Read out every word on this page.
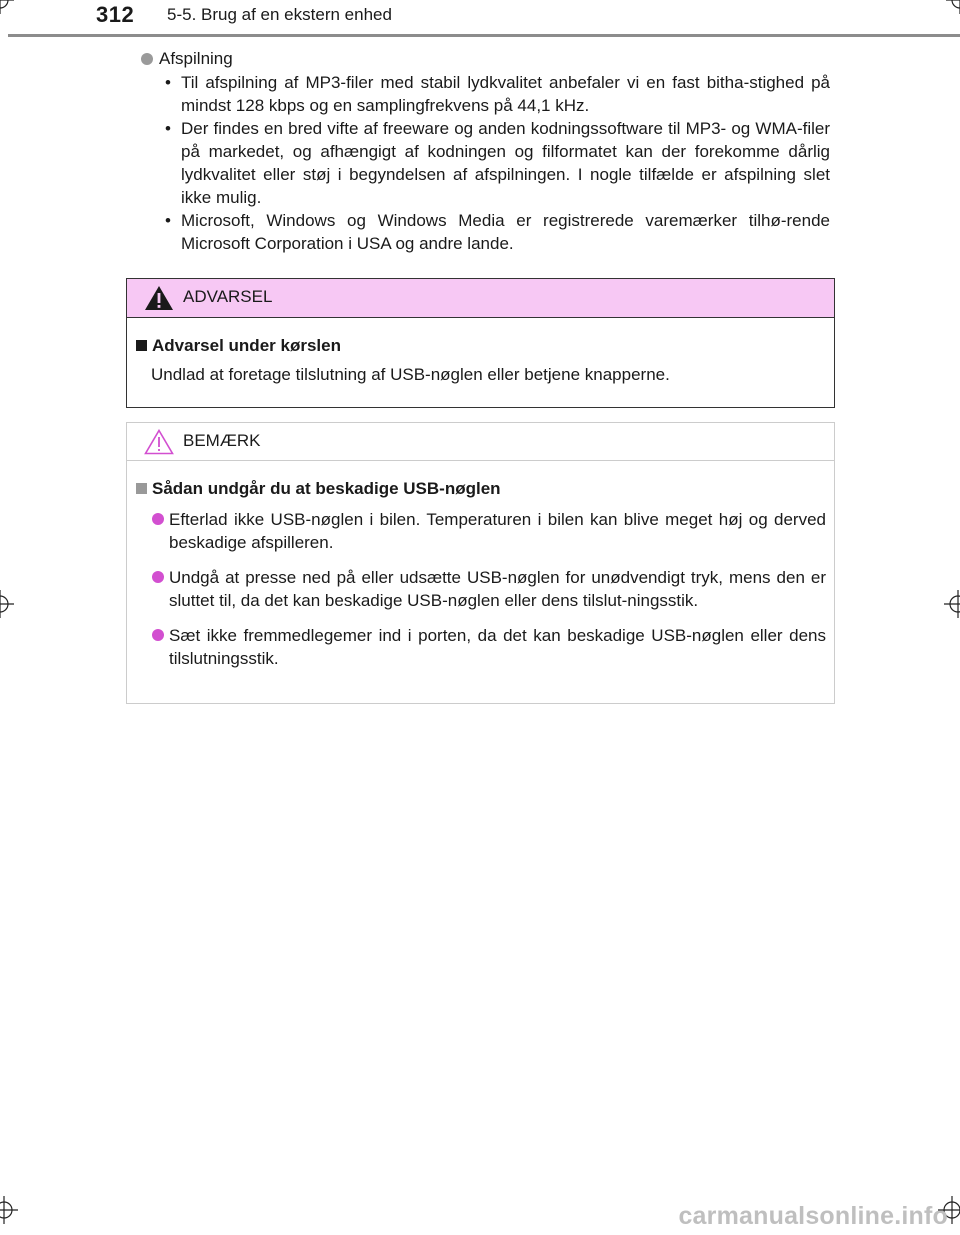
312 5-5. Brug af en ekstern enhed
Afspilning
• Til afspilning af MP3-filer med stabil lydkvalitet anbefaler vi en fast bitha-stighed på mindst 128 kbps og en samplingfrekvens på 44,1 kHz.
• Der findes en bred vifte af freeware og anden kodningssoftware til MP3- og WMA-filer på markedet, og afhængigt af kodningen og filformatet kan der forekomme dårlig lydkvalitet eller støj i begyndelsen af afspilningen. I nogle tilfælde er afspilning slet ikke mulig.
• Microsoft, Windows og Windows Media er registrerede varemærker tilhø-rende Microsoft Corporation i USA og andre lande.
ADVARSEL
Advarsel under kørslen
Undlad at foretage tilslutning af USB-nøglen eller betjene knapperne.
BEMÆRK
Sådan undgår du at beskadige USB-nøglen
Efterlad ikke USB-nøglen i bilen. Temperaturen i bilen kan blive meget høj og derved beskadige afspilleren.
Undgå at presse ned på eller udsætte USB-nøglen for unødvendigt tryk, mens den er sluttet til, da det kan beskadige USB-nøglen eller dens tilslut-ningsstik.
Sæt ikke fremmedlegemer ind i porten, da det kan beskadige USB-nøglen eller dens tilslutningsstik.
carmanualsonline.info
